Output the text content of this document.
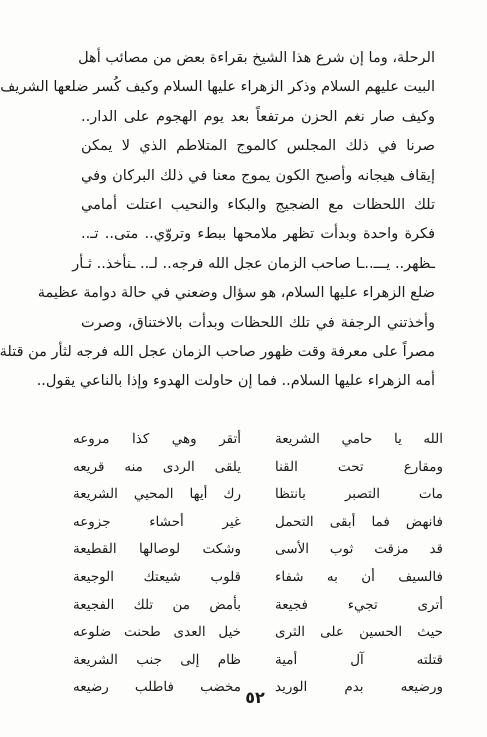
الرحلة، وما إن شرع هذا الشيخ بقراءة بعض من مصائب أهل
البيت عليهم السلام وذكر الزهراء عليها السلام وكيف كُسر ضلعها الشريف
وكيف صار نغم الحزن مرتفعاً بعد يوم الهجوم على الدار..
صرنا في ذلك المجلس كالموج المتلاطم الذي لا يمكن
إيقاف هيجانه وأصبح الكون يموج معنا في ذلك البركان وفي
تلك اللحظات مع الضجيج والبكاء والنحيب اعتلت أمامي
فكرة واحدة وبدأت تظهر ملامحها ببطء وتروّي.. متى.. تـ..
ـظهر.. يـــ..ـا صاحب الزمان عجل الله فرجه.. لـ.. ـنأخذ.. ثـأر
ضلع الزهراء عليها السلام، هو سؤال وضعني في حالة دوامة عظيمة
وأخذتني الرجفة في تلك اللحظات وبدأت بالاختناق، وصرت
مصراً على معرفة وقت ظهور صاحب الزمان عجل الله فرجه لثأر من قتلة
أمه الزهراء عليها السلام.. فما إن حاولت الهدوء وإذا بالناعي يقول..
الله يا حامي الشريعة
أتقر وهي كذا مروعه
ومقارع تحت القنا
يلقى الردى منه قريعه
مات التصبر بانتظا
رك أيها المحيي الشريعة
فانهض فما أبقى التحمل
غير أحشاء جزوعه
قد مزقت ثوب الأسى
وشكت لوصالها القطيعة
فالسيف أن به شفاء
قلوب شيعتك الوجيعة
أترى تجيء فجيعة
بأمض من تلك الفجيعة
حيث الحسين على الثرى
خيل العدى طحنت ضلوعه
قتلته آل أمية
ظام إلى جنب الشريعة
ورضيعه بدم الوريد
مخضب فاطلب رضيعه
٥٢
